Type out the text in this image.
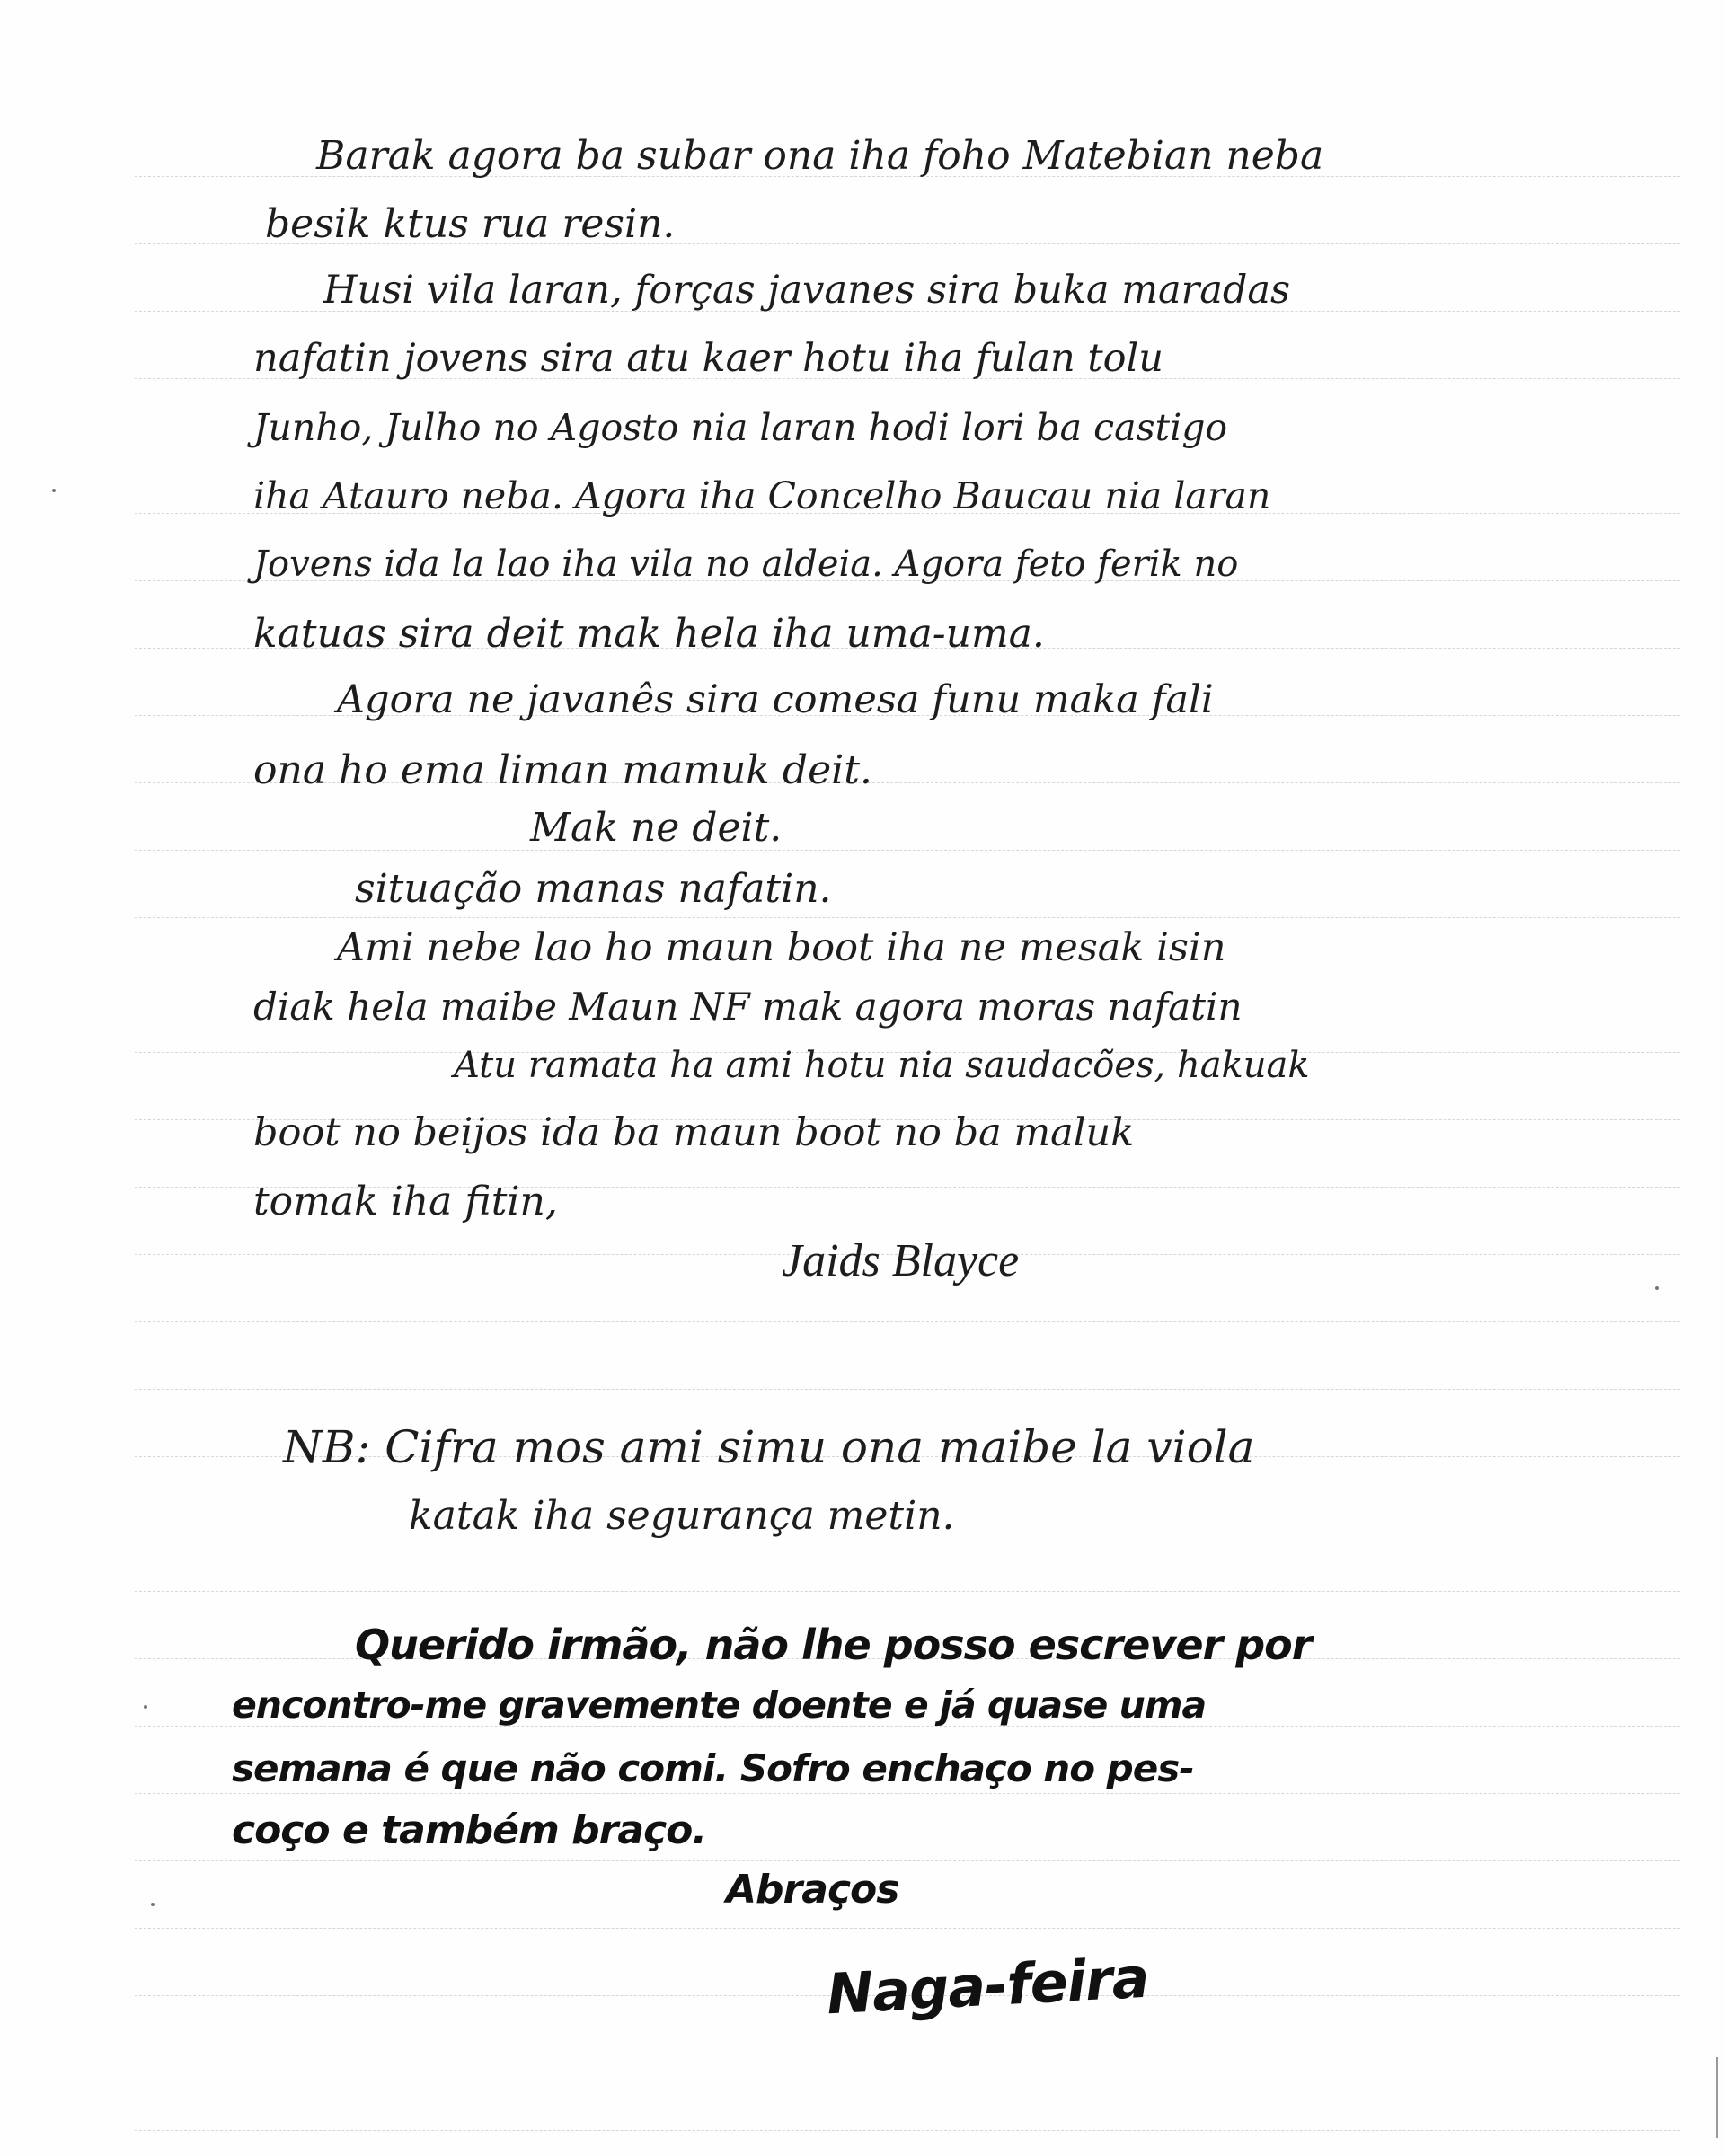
Barak agora ba subar ona iha foho Matebian neba
besik ktus rua resin.
Husi vila laran, forças javanes sira buka maradas
nafatin jovens sira atu kaer hotu iha fulan tolu
Junho, Julho no Agosto nia laran hodi lori ba castigo
iha Atauro neba. Agora iha Concelho Baucau nia laran
Jovens ida la lao iha vila no aldeia. Agora feto ferik no
katuas sira deit mak hela iha uma-uma.
Agora ne javanês sira comesa funu maka fali
ona ho ema liman mamuk deit.
Mak ne deit.
situação manas nafatin.
Ami nebe lao ho maun boot iha ne mesak isin
diak hela maibe Maun NF mak agora moras nafatin
Atu ramata ha ami hotu nia saudacões, hakuak
boot no beijos ida ba maun boot no ba maluk
tomak iha fitin,
Jaids Blayce
NB: Cifra mos ami simu ona maibe la viola
katak iha segurança metin.
Querido irmão, não lhe posso escrever por
encontro-me gravemente doente e já quase uma
semana é que não comi. Sofro enchaço no pes-
coço e também braço.
Abraços
Naga-feira
